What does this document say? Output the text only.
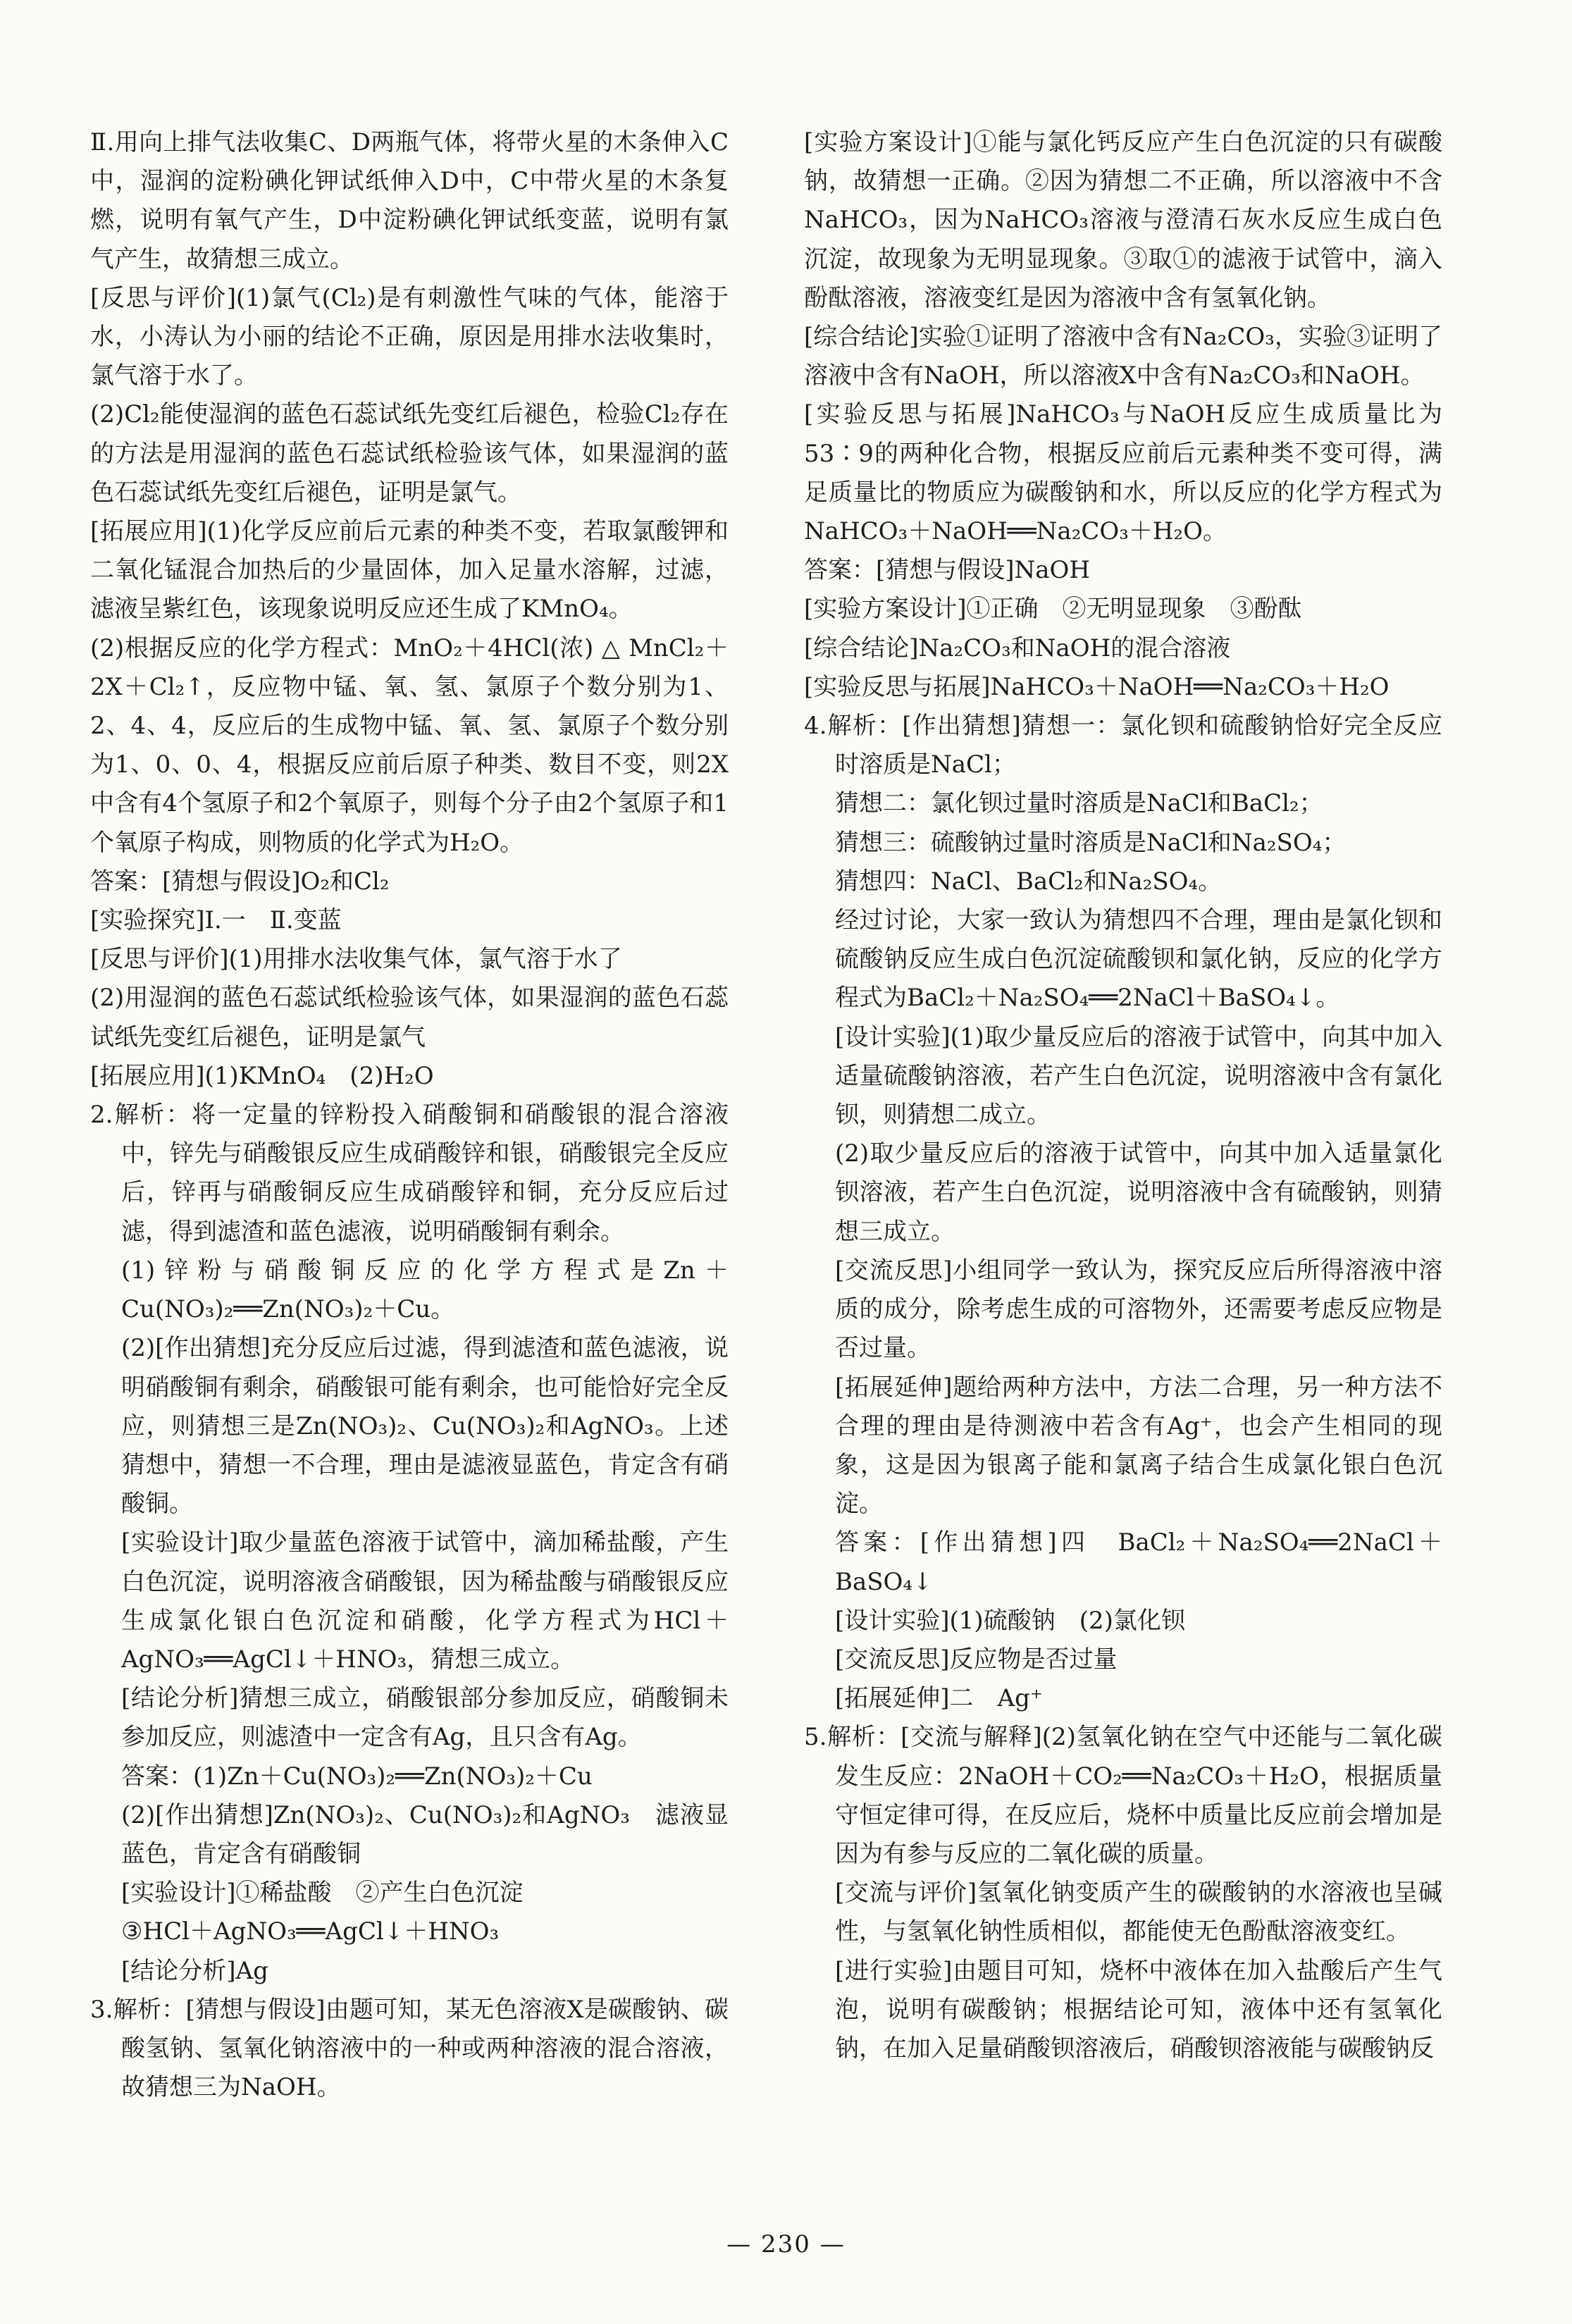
Ⅱ.用向上排气法收集C、D两瓶气体，将带火星的木条伸入C中，湿润的淀粉碘化钾试纸伸入D中，C中带火星的木条复燃，说明有氧气产生，D中淀粉碘化钾试纸变蓝，说明有氯气产生，故猜想三成立。

[反思与评价](1)氯气(Cl₂)是有刺激性气味的气体，能溶于水，小涛认为小丽的结论不正确，原因是用排水法收集时，氯气溶于水了。

(2)Cl₂能使湿润的蓝色石蕊试纸先变红后褪色，检验Cl₂存在的方法是用湿润的蓝色石蕊试纸检验该气体，如果湿润的蓝色石蕊试纸先变红后褪色，证明是氯气。

[拓展应用](1)化学反应前后元素的种类不变，若取氯酸钾和二氧化锰混合加热后的少量固体，加入足量水溶解，过滤，滤液呈紫红色，该现象说明反应还生成了KMnO₄。

(2)根据反应的化学方程式：MnO₂＋4HCl(浓) △ MnCl₂＋2X＋Cl₂↑，反应物中锰、氧、氢、氯原子个数分别为1、2、4、4，反应后的生成物中锰、氧、氢、氯原子个数分别为1、0、0、4，根据反应前后原子种类、数目不变，则2X中含有4个氢原子和2个氧原子，则每个分子由2个氢原子和1个氧原子构成，则物质的化学式为H₂O。

答案：[猜想与假设]O₂和Cl₂

[实验探究]Ⅰ.一　Ⅱ.变蓝

[反思与评价](1)用排水法收集气体，氯气溶于水了

(2)用湿润的蓝色石蕊试纸检验该气体，如果湿润的蓝色石蕊试纸先变红后褪色，证明是氯气

[拓展应用](1)KMnO₄　(2)H₂O

2.解析：将一定量的锌粉投入硝酸铜和硝酸银的混合溶液中，锌先与硝酸银反应生成硝酸锌和银，硝酸银完全反应后，锌再与硝酸铜反应生成硝酸锌和铜，充分反应后过滤，得到滤渣和蓝色滤液，说明硝酸铜有剩余。

(1)锌粉与硝酸铜反应的化学方程式是Zn＋Cu(NO₃)₂══Zn(NO₃)₂＋Cu。

(2)[作出猜想]充分反应后过滤，得到滤渣和蓝色滤液，说明硝酸铜有剩余，硝酸银可能有剩余，也可能恰好完全反应，则猜想三是Zn(NO₃)₂、Cu(NO₃)₂和AgNO₃。上述猜想中，猜想一不合理，理由是滤液显蓝色，肯定含有硝酸铜。

[实验设计]取少量蓝色溶液于试管中，滴加稀盐酸，产生白色沉淀，说明溶液含硝酸银，因为稀盐酸与硝酸银反应生成氯化银白色沉淀和硝酸，化学方程式为HCl＋AgNO₃══AgCl↓＋HNO₃，猜想三成立。

[结论分析]猜想三成立，硝酸银部分参加反应，硝酸铜未参加反应，则滤渣中一定含有Ag，且只含有Ag。

答案：(1)Zn＋Cu(NO₃)₂══Zn(NO₃)₂＋Cu

(2)[作出猜想]Zn(NO₃)₂、Cu(NO₃)₂和AgNO₃　滤液显蓝色，肯定含有硝酸铜

[实验设计]①稀盐酸　②产生白色沉淀

③HCl＋AgNO₃══AgCl↓＋HNO₃

[结论分析]Ag

3.解析：[猜想与假设]由题可知，某无色溶液X是碳酸钠、碳酸氢钠、氢氧化钠溶液中的一种或两种溶液的混合溶液，故猜想三为NaOH。

[实验方案设计]①能与氯化钙反应产生白色沉淀的只有碳酸钠，故猜想一正确。②因为猜想二不正确，所以溶液中不含NaHCO₃，因为NaHCO₃溶液与澄清石灰水反应生成白色沉淀，故现象为无明显现象。③取①的滤液于试管中，滴入酚酞溶液，溶液变红是因为溶液中含有氢氧化钠。

[综合结论]实验①证明了溶液中含有Na₂CO₃，实验③证明了溶液中含有NaOH，所以溶液X中含有Na₂CO₃和NaOH。

[实验反思与拓展]NaHCO₃与NaOH反应生成质量比为53∶9的两种化合物，根据反应前后元素种类不变可得，满足质量比的物质应为碳酸钠和水，所以反应的化学方程式为NaHCO₃＋NaOH══Na₂CO₃＋H₂O。

答案：[猜想与假设]NaOH

[实验方案设计]①正确　②无明显现象　③酚酞

[综合结论]Na₂CO₃和NaOH的混合溶液

[实验反思与拓展]NaHCO₃＋NaOH══Na₂CO₃＋H₂O

4.解析：[作出猜想]猜想一：氯化钡和硫酸钠恰好完全反应时溶质是NaCl；

猜想二：氯化钡过量时溶质是NaCl和BaCl₂；

猜想三：硫酸钠过量时溶质是NaCl和Na₂SO₄；

猜想四：NaCl、BaCl₂和Na₂SO₄。

经过讨论，大家一致认为猜想四不合理，理由是氯化钡和硫酸钠反应生成白色沉淀硫酸钡和氯化钠，反应的化学方程式为BaCl₂＋Na₂SO₄══2NaCl＋BaSO₄↓。

[设计实验](1)取少量反应后的溶液于试管中，向其中加入适量硫酸钠溶液，若产生白色沉淀，说明溶液中含有氯化钡，则猜想二成立。

(2)取少量反应后的溶液于试管中，向其中加入适量氯化钡溶液，若产生白色沉淀，说明溶液中含有硫酸钠，则猜想三成立。

[交流反思]小组同学一致认为，探究反应后所得溶液中溶质的成分，除考虑生成的可溶物外，还需要考虑反应物是否过量。

[拓展延伸]题给两种方法中，方法二合理，另一种方法不合理的理由是待测液中若含有Ag⁺，也会产生相同的现象，这是因为银离子能和氯离子结合生成氯化银白色沉淀。

答案：[作出猜想]四　BaCl₂＋Na₂SO₄══2NaCl＋BaSO₄↓

[设计实验](1)硫酸钠　(2)氯化钡

[交流反思]反应物是否过量

[拓展延伸]二　Ag⁺

5.解析：[交流与解释](2)氢氧化钠在空气中还能与二氧化碳发生反应：2NaOH＋CO₂══Na₂CO₃＋H₂O，根据质量守恒定律可得，在反应后，烧杯中质量比反应前会增加是因为有参与反应的二氧化碳的质量。

[交流与评价]氢氧化钠变质产生的碳酸钠的水溶液也呈碱性，与氢氧化钠性质相似，都能使无色酚酞溶液变红。

[进行实验]由题目可知，烧杯中液体在加入盐酸后产生气泡，说明有碳酸钠；根据结论可知，液体中还有氢氧化钠，在加入足量硝酸钡溶液后，硝酸钡溶液能与碳酸钠反

— 230 —
